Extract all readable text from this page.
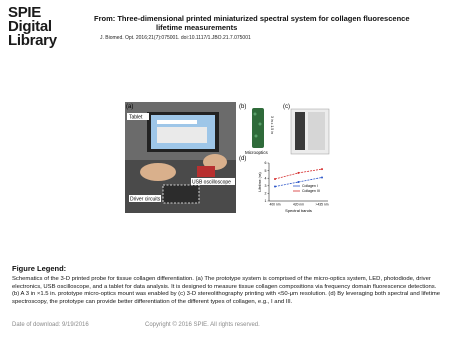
SPIE
Digital
Library
From: Three-dimensional printed miniaturized spectral system for collagen fluorescence
lifetime measurements
J. Biomed. Opt. 2016;21(7):075001. doi:10.1117/1.JBO.21.7.075001
(a)
Tablet
USB oscilloscope
Driver circuits
(b)
3 in x 1.5 in
Microoptics
(c)
(d)
6
5
4
3
2
1
400 nm	420 nm	>435 nm
Lifetime (ns)
Spectral bands
Collagen I
Collagen III
Figure Legend:
Schematics of the 3-D printed probe for tissue collagen differentiation. (a) The prototype system is comprised of the micro-optics system, LED, photodiode, driver electronics, USB oscilloscope, and a tablet for data analysis. It is designed to measure tissue collagen compositions via frequency domain fluorescence detections. (b) A 3 in ×1.5 in. prototype micro-optics mount was enabled by (c) 3-D stereolithography printing with <50-μm resolution. (d) By leveraging both spectral and lifetime spectroscopy, the prototype can provide better differentiation of the different types of collagen, e.g., I and III.
Date of download: 9/19/2016	Copyright © 2016 SPIE. All rights reserved.
